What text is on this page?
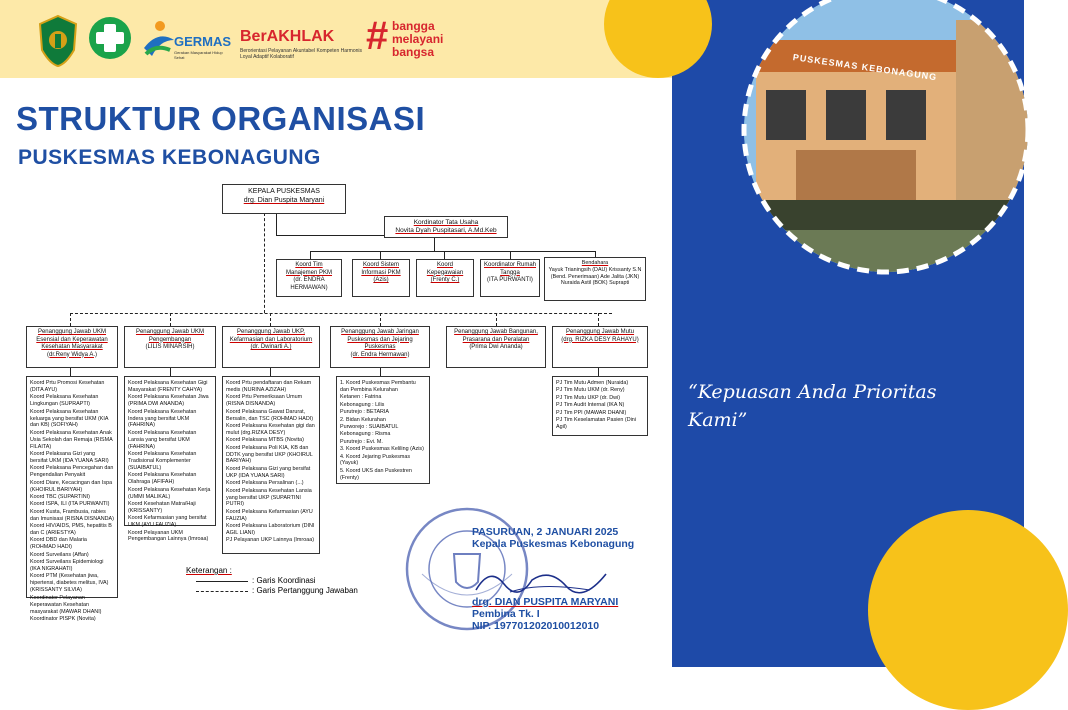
GERMAS
Gerakan Masyarakat Hidup Sehat
BerAKHLAK
Berorientasi Pelayanan Akuntabel Kompeten Harmonis Loyal Adaptif Kolaboratif	# bangga
melayani
bangsa
STRUKTUR ORGANISASI
PUSKESMAS KEBONAGUNG
KEPALA PUSKESMAS
drg. Dian Puspita Maryani
Kordinator Tata Usaha
Novita Dyah Puspitasari, A.Md.Keb
Koord Tim Manajemen PKM
(dr. ENDRA HERMAWAN)
Koord Sistem Informasi PKM
(Azis)
Koord Kepegawaian
(Frenty C.)
Koordinator Rumah Tangga
(ITA PURWANTI)
Bendahara
Yayuk Trianingsih (DAU) Krissanty S.N (Bend. Penerimaan) Ade Jalita (JKN) Nuraida Astil (BOK) Suprapti
Penanggung Jawab UKM Esensial dan Keperawatan Kesehatan Masyarakat
(dr.Reny Widya A.)
Penanggung Jawab UKM Pengembangan
(LILIS MINARSIH)
Penanggung Jawab UKP, Kefarmasian dan Laboratorium
(dr. Dwinarti A.)
Penanggung Jawab Jaringan Puskesmas dan Jejaring Puskesmas
(dr. Endra Hermawan)
Penanggung Jawab Bangunan, Prasarana dan Peralatan
(Prima Dwi Ananda)
Penanggung Jawab Mutu
(drg. RIZKA DESY RAHAYU)
Koord Prtu Promosi Kesehatan (DITA AYU)
Koord Pelaksana Kesehatan Lingkungan (SUPRAPTI)
Koord Pelaksana Kesehatan keluarga yang bersifat UKM (KIA dan KB) (SOFIYAH)
Koord Pelaksana Kesehatan Anak Usia Sekolah dan Remaja (RISMA FILAITA)
Koord Pelaksana Gizi yang bersifat UKM (IDA YUANA SARI)
Koord Pelaksana Pencegahan dan Pengendalian Penyakit
Koord Diare, Kecacingan dan Ispa (KHOIRUL BARIYAH)
Koord TBC (SUPARTINI)
Koord ISPA, ILI (ITA PURWANTI)
Koord Kusta, Frambusia, rabies dan Imunisasi (RISNA DISNANDA)
Koord HIV/AIDS, PMS, hepatitis B dan C (ARIESTYA)
Koord DBD dan Malaria (ROHMAD HADI)
Koord Surveilans (Affan)
Koord Surveilans Epidemiologi (IKA NIGRAHATI)
Koord PTM (Kesehatan jiwa, hipertensi, diabetes melitus, IVA) (KRISSANTY SILVIA)
Koordinator Pelayanan Keperawatan Kesehatan masyarakat (MAWAR DHANI)
Koordinator PISPK (Novita)
Koord Pelaksana Kesehatan Gigi Masyarakat (FRENTY CAHYA)
Koord Pelaksana Kesehatan Jiwa (PRIMA DWI ANANDA)
Koord Pelaksana Kesehatan Indera yang bersifat UKM (FAHRINA)
Koord Pelaksana Kesehatan Lansia yang bersifat UKM (FAHRINA)
Koord Pelaksana Kesehatan Tradisional Komplementer (SUAIBATUL)
Koord Pelaksana Kesehatan Olahraga (AFIFAH)
Koord Pelaksana Kesehatan Kerja (UMMI MALIKAL)
Koord Kesehatan Matra/Haji (KRISSANTY)
Koord Kefarmasian yang bersifat UKM (AYU FAUZIA)
Koord Pelayanan UKM Pengembangan Lainnya (Imroaa)
Koord Prtu pendaftaran dan Rekam medis (NURINA AZIZAH)
Koord Prtu Pemeriksaan Umum (RISNA DISNANDA)
Koord Pelaksana Gawat Darurat, Bersalin, dan TSC (ROHMAD HADI)
Koord Pelaksana Kesehatan gigi dan mulut (drg.RIZKA DESY)
Koord Pelaksana MTBS (Novita)
Koord Pelaksana Poli KIA, KB dan DDTK yang bersifat UKP (KHOIRUL BARIYAH)
Koord Pelaksana Gizi yang bersifat UKP (IDA YUANA SARI)
Koord Pelaksana Persalinan (...)
Koord Pelaksana Kesehatan Lansia yang bersifat UKP (SUPARTINI PUTRI)
Koord Pelaksana Kefarmasian (AYU FAUZIA)
Koord Pelaksana Laboratorium (DINI AGIL LIANI)
PJ Pelayanan UKP Lainnya (Imroaa)
1. Koord Puskesmas Pembantu dan Pembina Kelurahan
Ketanen : Fatrina
Kebonagung : Lilis
Purutrejo : BETARIA
2. Bidan Kelurahan
Purworejo : SUAIBATUL
Kebonagung : Risma
Purutrejo : Evi. M.
3. Koord Puskesmas Keliling (Azis)
4. Koord Jejaring Puskesmas (Yayuk)
5. Koord UKS dan Puskestren (Frenty)
PJ Tim Mutu Admen (Nuraida)
PJ Tim Mutu UKM (dr. Reny)
PJ Tim Mutu UKP (dr. Dwi)
PJ Tim Audit Internal (IKA N)
PJ Tim PPI (MAWAR DHANI)
PJ Tim Keselamatan Pasien (Dini Agil)
Keterangan :
: Garis Koordinasi
: Garis Pertanggung Jawaban
PASURUAN, 2 JANUARI 2025
Kepala Puskesmas Kebonagung
drg. DIAN PUSPITA MARYANI
Pembina Tk. I
NIP. 197701202010012010
PUSKESMAS KEBONAGUNG
“Kepuasan Anda Prioritas Kami”
